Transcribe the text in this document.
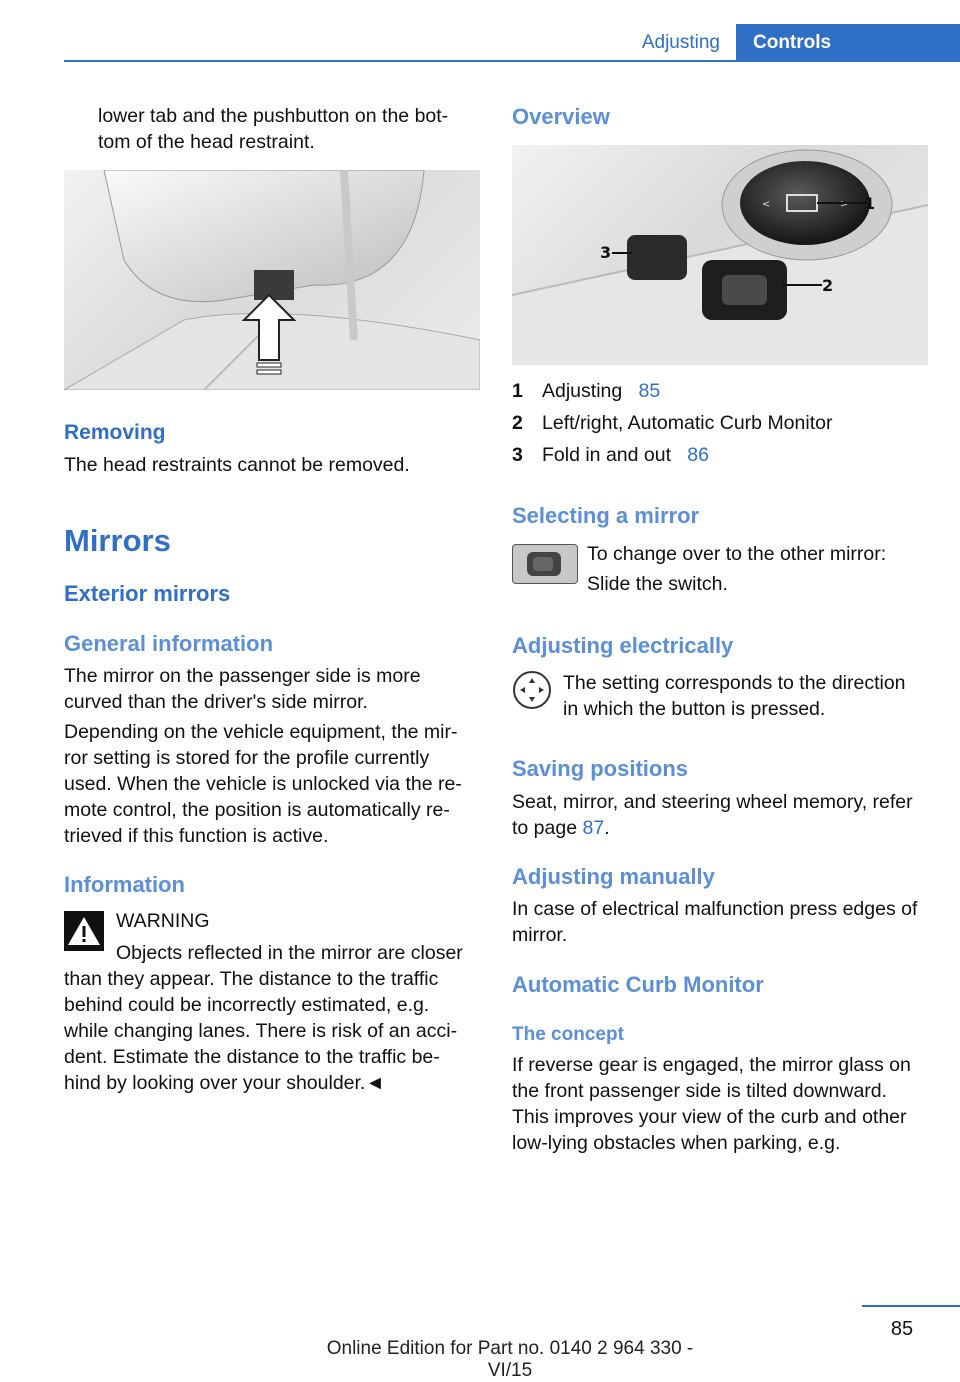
Adjusting	Controls
lower tab and the pushbutton on the bot-
tom of the head restraint.
Removing
The head restraints cannot be removed.
Mirrors
Exterior mirrors
General information
The mirror on the passenger side is more
curved than the driver's side mirror.
Depending on the vehicle equipment, the mir-
ror setting is stored for the profile currently
used. When the vehicle is unlocked via the re-
mote control, the position is automatically re-
trieved if this function is active.
Information
WARNING
Objects reflected in the mirror are closer
than they appear. The distance to the traffic
behind could be incorrectly estimated, e.g.
while changing lanes. There is risk of an acci-
dent. Estimate the distance to the traffic be-
hind by looking over your shoulder.◄
Overview
<	> 1
2
3
1 Adjusting 85
2 Left/right, Automatic Curb Monitor
3 Fold in and out 86
Selecting a mirror
To change over to the other mirror:
Slide the switch.
Adjusting electrically
The setting corresponds to the direction
in which the button is pressed.
Saving positions
Seat, mirror, and steering wheel memory, refer
to page 87.
Adjusting manually
In case of electrical malfunction press edges of
mirror.
Automatic Curb Monitor
The concept
If reverse gear is engaged, the mirror glass on
the front passenger side is tilted downward.
This improves your view of the curb and other
low-lying obstacles when parking, e.g.
85
Online Edition for Part no. 0140 2 964 330 - VI/15
